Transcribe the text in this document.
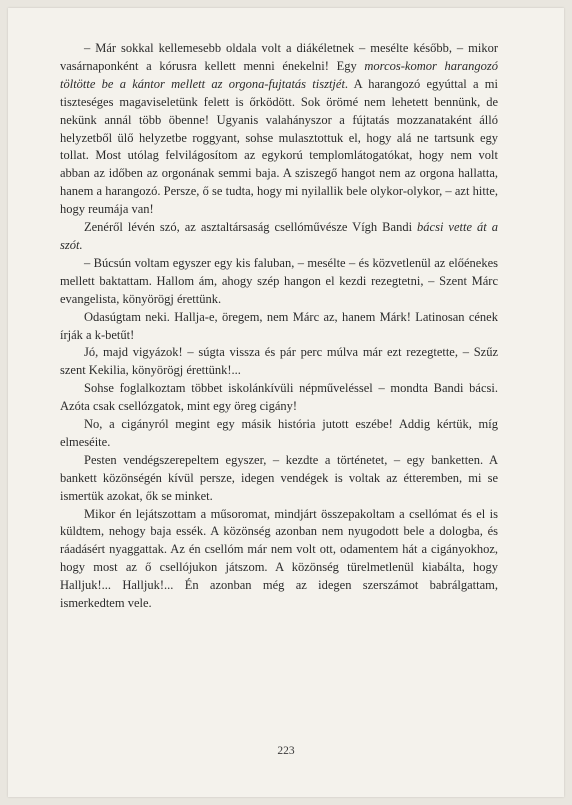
– Már sokkal kellemesebb oldala volt a diákéletnek – mesélte később, – mikor vasárnaponként a kórusra kellett menni énekelni! Egy morcos-komor harangozó töltötte be a kántor mellett az orgona-fujtatás tisztjét. A harangozó egyúttal a mi tiszteséges magaviseletünk felett is őrködött. Sok örömé nem lehetett bennünk, de nekünk annál több öbenne! Ugyanis valahányszor a fújtatás mozzanataként álló helyzetből ülő helyzetbe roggyant, sohse mulasztottuk el, hogy alá ne tartsunk egy tollat. Most utólag felvilágosítom az egykorú templomlátogatókat, hogy nem volt abban az időben az orgonának semmi baja. A sziszegő hangot nem az orgona hallatta, hanem a harangozó. Persze, ő se tudta, hogy mi nyilallik bele olykor-olykor, – azt hitte, hogy reumája van!

Zenéről lévén szó, az asztaltársaság csellóművésze Vígh Bandi bácsi vette át a szót.

– Búcsún voltam egyszer egy kis faluban, – mesélte – és közvetlenül az előénekes mellett baktattam. Hallom ám, ahogy szép hangon el kezdi rezegtetni, – Szent Márc evangelista, könyörögj érettünk.

Odasúgtam neki. Hallja-e, öregem, nem Márc az, hanem Márk! Latinosan cének írják a k-betűt!

Jó, majd vigyázok! – súgta vissza és pár perc múlva már ezt rezegtette, – Szűz szent Kekilia, könyörögj érettünk!...

Sohse foglalkoztam többet iskolánkívüli népműveléssel – mondta Bandi bácsi. Azóta csak csellózgatok, mint egy öreg cigány!

No, a cigányról megint egy másik história jutott eszébe! Addig kértük, míg elmeséite.

Pesten vendégszerepeltem egyszer, – kezdte a történetet, – egy banketten. A bankett közönségén kívül persze, idegen vendégek is voltak az étteremben, mi se ismertük azokat, ők se minket.

Mikor én lejátszottam a műsoromat, mindjárt összepakoltam a csellómat és el is küldtem, nehogy baja essék. A közönség azonban nem nyugodott bele a dologba, és ráadásért nyaggattak. Az én csellóm már nem volt ott, odamentem hát a cigányokhoz, hogy most az ő csellójukon játszom. A közönség türelmetlenül kiabálta, hogy Halljuk!... Halljuk!... Én azonban még az idegen szerszámot babrálgattam, ismerkedtem vele.

223
